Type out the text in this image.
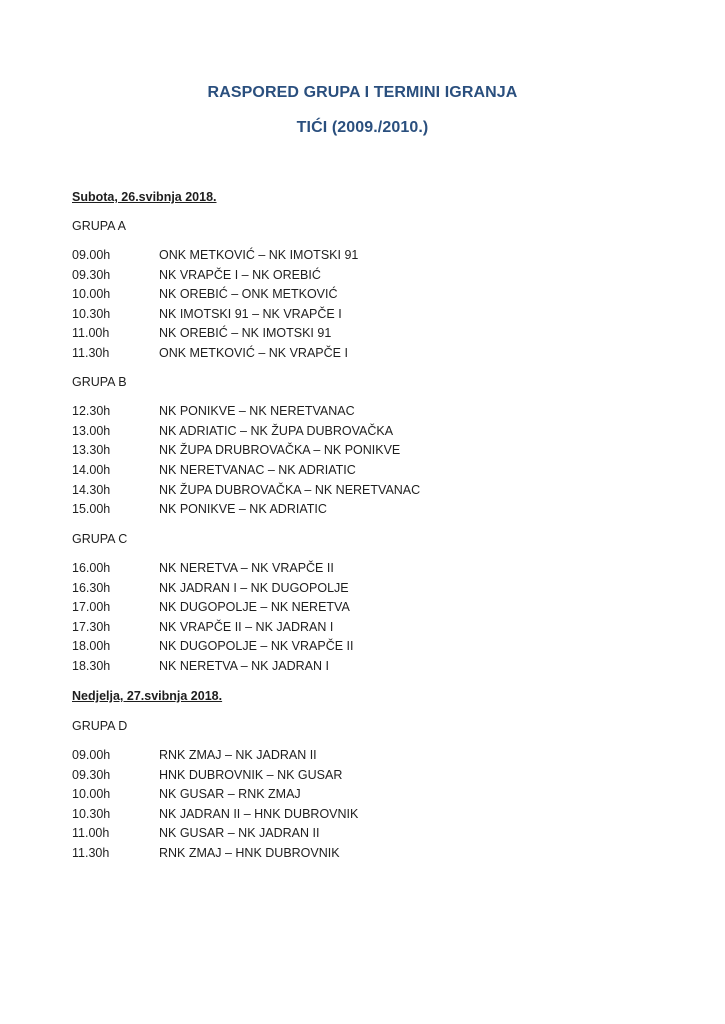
RASPORED GRUPA I TERMINI IGRANJA
TIĆI (2009./2010.)
Subota, 26.svibnja 2018.
GRUPA A
09.00h	ONK METKOVIĆ – NK IMOTSKI 91
09.30h	NK VRAPČE I – NK OREBIĆ
10.00h	NK OREBIĆ – ONK METKOVIĆ
10.30h	NK IMOTSKI 91 – NK VRAPČE I
11.00h	NK OREBIĆ – NK IMOTSKI 91
11.30h	ONK METKOVIĆ – NK VRAPČE I
GRUPA B
12.30h	NK PONIKVE – NK NERETVANAC
13.00h	NK ADRIATIC – NK ŽUPA DUBROVAČKA
13.30h	NK ŽUPA DRUBROVAČKA – NK PONIKVE
14.00h	NK NERETVANAC – NK ADRIATIC
14.30h	NK ŽUPA DUBROVAČKA – NK NERETVANAC
15.00h	NK PONIKVE – NK ADRIATIC
GRUPA C
16.00h	NK NERETVA – NK VRAPČE II
16.30h	NK JADRAN I – NK DUGOPOLJE
17.00h	NK DUGOPOLJE – NK NERETVA
17.30h	NK VRAPČE II – NK JADRAN I
18.00h	NK DUGOPOLJE – NK VRAPČE II
18.30h	NK NERETVA – NK JADRAN I
Nedjelja, 27.svibnja 2018.
GRUPA D
09.00h	RNK ZMAJ – NK JADRAN II
09.30h	HNK DUBROVNIK – NK GUSAR
10.00h	NK GUSAR – RNK ZMAJ
10.30h	NK JADRAN II – HNK DUBROVNIK
11.00h	NK GUSAR – NK JADRAN II
11.30h	RNK ZMAJ – HNK DUBROVNIK
